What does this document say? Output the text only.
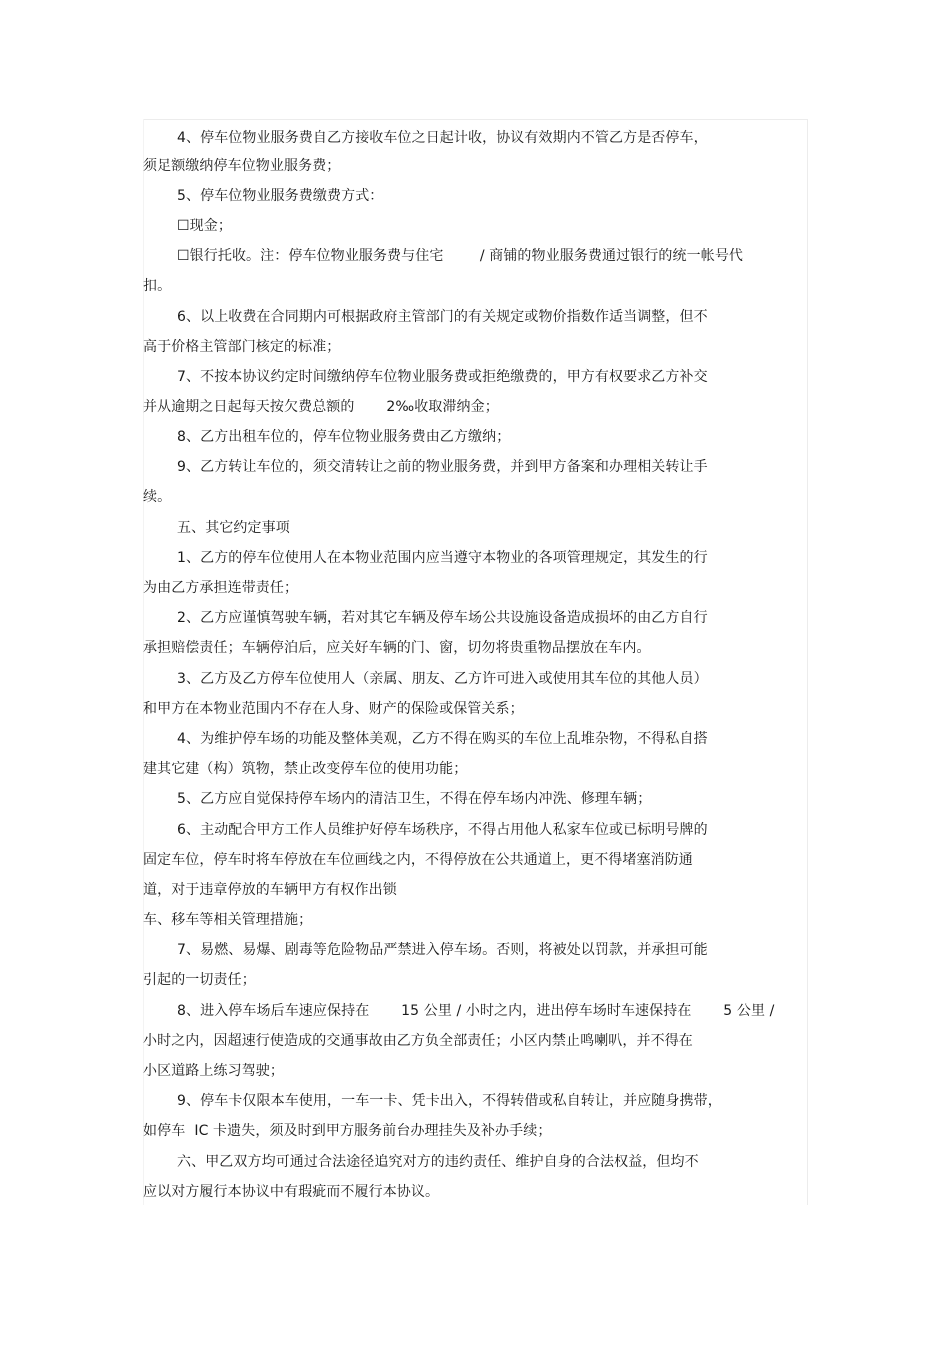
4、停车位物业服务费自乙方接收车位之日起计收，协议有效期内不管乙方是否停车，
须足额缴纳停车位物业服务费；
5、停车位物业服务费缴费方式：
☐现金；
☐银行托收。注：停车位物业服务费与住宅        / 商铺的物业服务费通过银行的统一帐号代
扣。
6、以上收费在合同期内可根据政府主管部门的有关规定或物价指数作适当调整，但不
高于价格主管部门核定的标准；
7、不按本协议约定时间缴纳停车位物业服务费或拒绝缴费的，甲方有权要求乙方补交
并从逾期之日起每天按欠费总额的       2‰收取滞纳金；
8、乙方出租车位的，停车位物业服务费由乙方缴纳；
9、乙方转让车位的，须交清转让之前的物业服务费，并到甲方备案和办理相关转让手
续。
五、其它约定事项
1、乙方的停车位使用人在本物业范围内应当遵守本物业的各项管理规定，其发生的行
为由乙方承担连带责任；
2、乙方应谨慎驾驶车辆，若对其它车辆及停车场公共设施设备造成损坏的由乙方自行
承担赔偿责任；车辆停泊后，应关好车辆的门、窗，切勿将贵重物品摆放在车内。
3、乙方及乙方停车位使用人（亲属、朋友、乙方许可进入或使用其车位的其他人员）
和甲方在本物业范围内不存在人身、财产的保险或保管关系；
4、为维护停车场的功能及整体美观，乙方不得在购买的车位上乱堆杂物，不得私自搭
建其它建（构）筑物，禁止改变停车位的使用功能；
5、乙方应自觉保持停车场内的清洁卫生，不得在停车场内冲洗、修理车辆；
6、主动配合甲方工作人员维护好停车场秩序，不得占用他人私家车位或已标明号牌的
固定车位，停车时将车停放在车位画线之内，不得停放在公共通道上，更不得堵塞消防通
道，对于违章停放的车辆甲方有权作出锁
车、移车等相关管理措施；
7、易燃、易爆、剧毒等危险物品严禁进入停车场。否则，将被处以罚款，并承担可能
引起的一切责任；
8、进入停车场后车速应保持在       15 公里 / 小时之内，进出停车场时车速保持在       5 公里 /
小时之内，因超速行使造成的交通事故由乙方负全部责任；小区内禁止鸣喇叭，并不得在
小区道路上练习驾驶；
9、停车卡仅限本车使用，一车一卡、凭卡出入，不得转借或私自转让，并应随身携带，
如停车  IC 卡遗失，须及时到甲方服务前台办理挂失及补办手续；
六、甲乙双方均可通过合法途径追究对方的违约责任、维护自身的合法权益，但均不
应以对方履行本协议中有瑕疵而不履行本协议。
